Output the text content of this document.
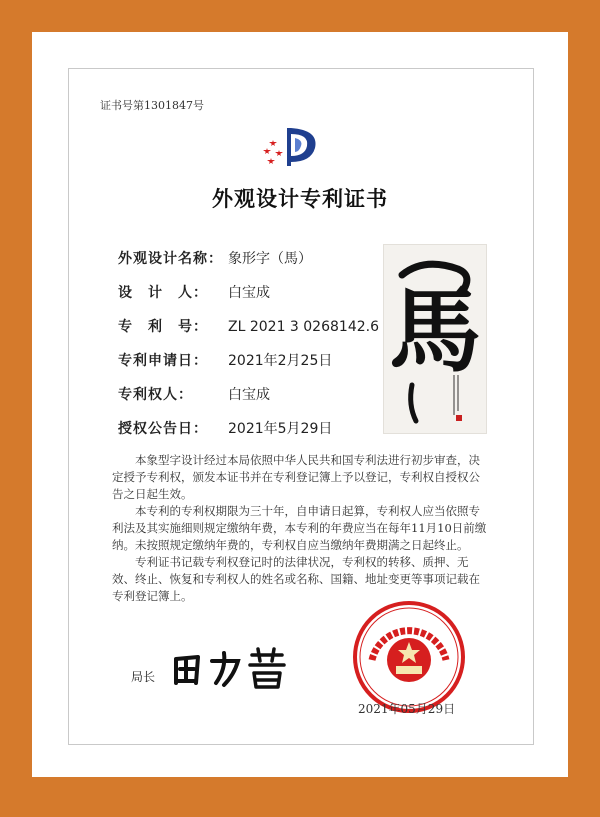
证书号第1301847号
外观设计专利证书
外观设计名称： 象形字（馬）
设　计　人：	白宝成
专　利　号：	ZL 2021 3 0268142.6
专利申请日：	2021年2月25日
专利权人：	白宝成
授权公告日：	2021年5月29日
馬

本象型字设计经过本局依照中华人民共和国专利法进行初步审查，决定授予专利权，颁发本证书并在专利登记簿上予以登记，专利权自授权公告之日起生效。

本专利的专利权期限为三十年，自申请日起算，专利权人应当依照专利法及其实施细则规定缴纳年费，本专利的年费应当在每年11月10日前缴纳。未按照规定缴纳年费的，专利权自应当缴纳年费期满之日起终止。

专利证书记载专利权登记时的法律状况，专利权的转移、质押、无效、终止、恢复和专利权人的姓名或名称、国籍、地址变更等事项记载在专利登记簿上。

局长
2021年05月29日
